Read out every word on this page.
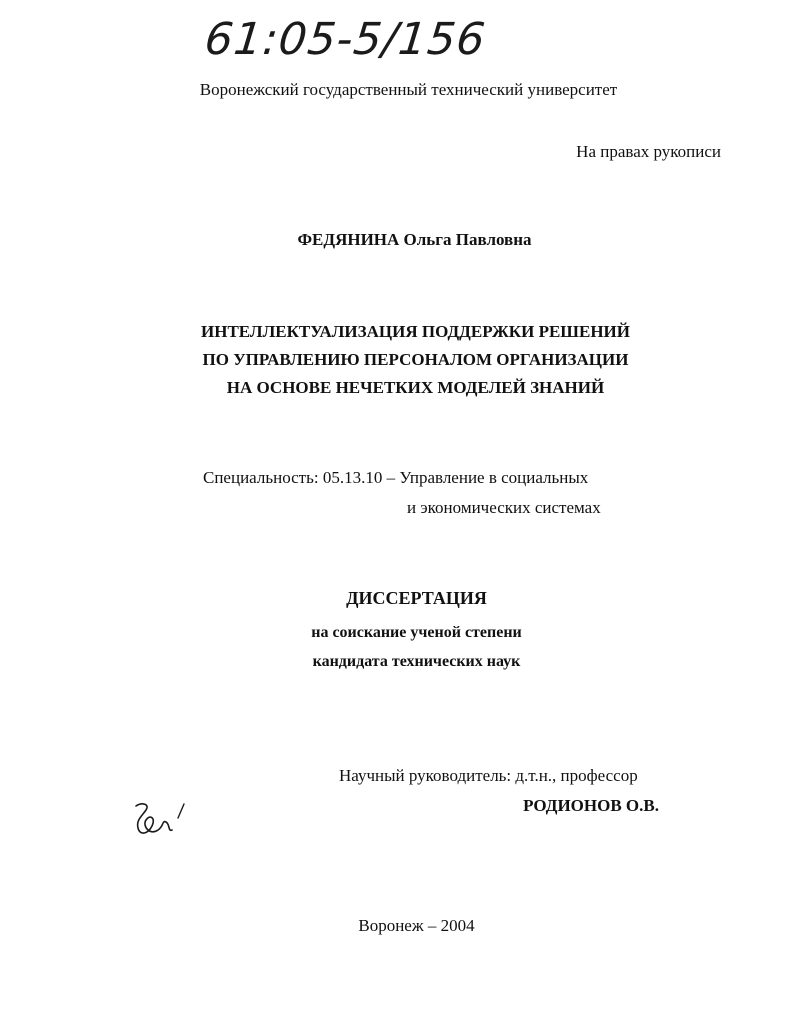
61:05-5/156
Воронежский государственный технический университет
На правах рукописи
ФЕДЯНИНА Ольга Павловна
ИНТЕЛЛЕКТУАЛИЗАЦИЯ ПОДДЕРЖКИ РЕШЕНИЙ
ПО УПРАВЛЕНИЮ ПЕРСОНАЛОМ ОРГАНИЗАЦИИ
НА ОСНОВЕ НЕЧЕТКИХ МОДЕЛЕЙ ЗНАНИЙ
Специальность: 05.13.10 – Управление в социальных
и экономических системах
ДИССЕРТАЦИЯ
на соискание ученой степени
кандидата технических наук
Научный руководитель: д.т.н., профессор
РОДИОНОВ О.В.
Воронеж – 2004
